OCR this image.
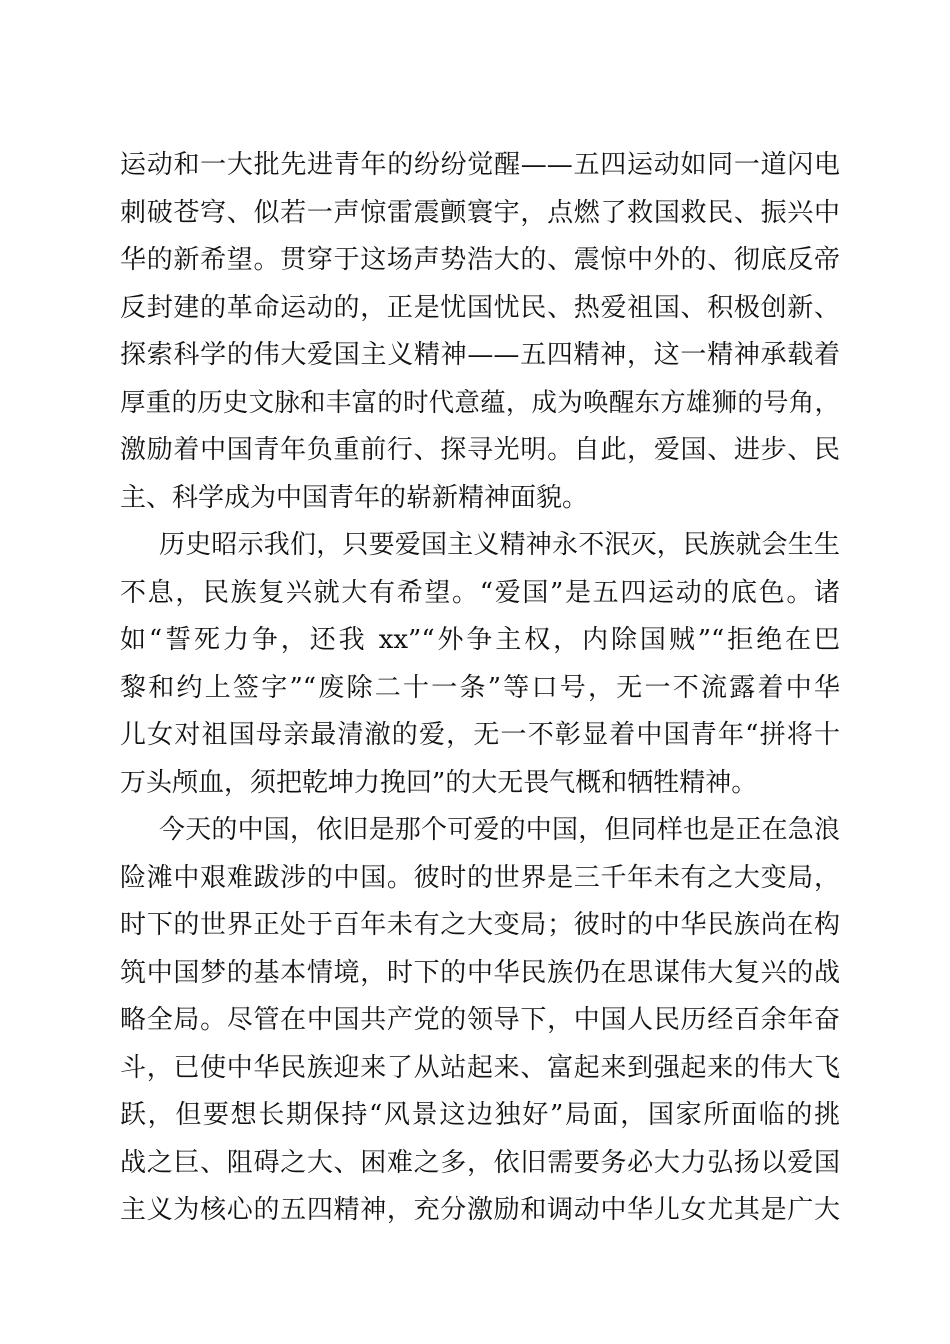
运动和一大批先进青年的纷纷觉醒——五四运动如同一道闪电
刺破苍穹、似若一声惊雷震颤寰宇，点燃了救国救民、振兴中
华的新希望。贯穿于这场声势浩大的、震惊中外的、彻底反帝
反封建的革命运动的，正是忧国忧民、热爱祖国、积极创新、
探索科学的伟大爱国主义精神——五四精神，这一精神承载着
厚重的历史文脉和丰富的时代意蕴，成为唤醒东方雄狮的号角，
激励着中国青年负重前行、探寻光明。自此，爱国、进步、民
主、科学成为中国青年的崭新精神面貌。
历史昭示我们，只要爱国主义精神永不泯灭，民族就会生生
不息，民族复兴就大有希望。“爱国”是五四运动的底色。诸
如“誓死力争，还我 xx”“外争主权，内除国贼”“拒绝在巴
黎和约上签字”“废除二十一条”等口号，无一不流露着中华
儿女对祖国母亲最清澈的爱，无一不彰显着中国青年“拼将十
万头颅血，须把乾坤力挽回”的大无畏气概和牺牲精神。
今天的中国，依旧是那个可爱的中国，但同样也是正在急浪
险滩中艰难跋涉的中国。彼时的世界是三千年未有之大变局，
时下的世界正处于百年未有之大变局；彼时的中华民族尚在构
筑中国梦的基本情境，时下的中华民族仍在思谋伟大复兴的战
略全局。尽管在中国共产党的领导下，中国人民历经百余年奋
斗，已使中华民族迎来了从站起来、富起来到强起来的伟大飞
跃，但要想长期保持“风景这边独好”局面，国家所面临的挑
战之巨、阻碍之大、困难之多，依旧需要务必大力弘扬以爱国
主义为核心的五四精神，充分激励和调动中华儿女尤其是广大
